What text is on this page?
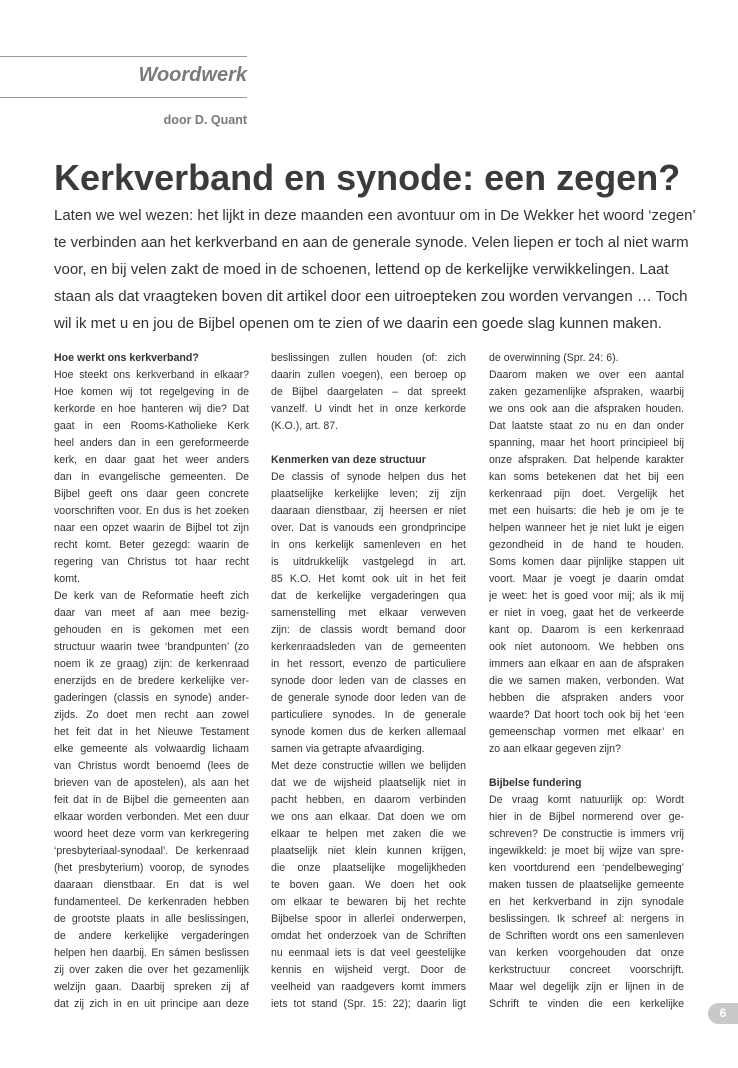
Woordwerk
door D. Quant
Kerkverband en synode: een zegen?

Laten we wel wezen: het lijkt in deze maanden een avontuur om in De Wekker het woord ‘zegen’
te verbinden aan het kerkverband en aan de generale synode. Velen liepen er toch al niet warm
voor, en bij velen zakt de moed in de schoenen, lettend op de kerkelijke verwikkelingen. Laat
staan als dat vraagteken boven dit artikel door een uitroepteken zou worden vervangen … Toch
wil ik met u en jou de Bijbel openen om te zien of we daarin een goede slag kunnen maken.

Hoe werkt ons kerkverband?
Hoe steekt ons kerkverband in elkaar?
Hoe komen wij tot regelgeving in de
kerkorde en hoe hanteren wij die? Dat
gaat in een Rooms-Katholieke Kerk
heel anders dan in een gereformeerde
kerk, en daar gaat het weer anders
dan in evangelische gemeenten. De
Bijbel geeft ons daar geen concrete
voorschriften voor. En dus is het zoeken
naar een opzet waarin de Bijbel tot zijn
recht komt. Beter gezegd: waarin de
regering van Christus tot haar recht
komt.
De kerk van de Reformatie heeft zich
daar van meet af aan mee bezig-
gehouden en is gekomen met een
structuur waarin twee ‘brandpunten’ (zo
noem ik ze graag) zijn: de kerkenraad
enerzijds en de bredere kerkelijke ver-
gaderingen (classis en synode) ander-
zijds. Zo doet men recht aan zowel
het feit dat in het Nieuwe Testament
elke gemeente als volwaardig lichaam
van Christus wordt benoemd (lees de
brieven van de apostelen), als aan het
feit dat in de Bijbel die gemeenten aan
elkaar worden verbonden. Met een duur
woord heet deze vorm van kerkregering
‘presbyteriaal-synodaal’. De kerkenraad
(het presbyterium) voorop, de synodes
daaraan dienstbaar. En dat is wel
fundamenteel. De kerkenraden hebben
de grootste plaats in alle beslissingen,
de andere kerkelijke vergaderingen
helpen hen daarbij. En sámen beslissen
zij over zaken die over het gezamenlijk
welzijn gaan. Daarbij spreken zij af
dat zij zich in en uit principe aan deze
beslissingen zullen houden (of: zich
daarin zullen voegen), een beroep op
de Bijbel daargelaten – dat spreekt
vanzelf. U vindt het in onze kerkorde
(K.O.), art. 87.
Kenmerken van deze structuur
De classis of synode helpen dus het
plaatselijke kerkelijke leven; zij zijn
daaraan dienstbaar, zij heersen er niet
over. Dat is vanouds een grondprincipe
in ons kerkelijk samenleven en het
is uitdrukkelijk vastgelegd in art.
85 K.O. Het komt ook uit in het feit
dat de kerkelijke vergaderingen qua
samenstelling met elkaar verweven
zijn: de classis wordt bemand door
kerkenraadsleden van de gemeenten
in het ressort, evenzo de particuliere
synode door leden van de classes en
de generale synode door leden van de
particuliere synodes. In de generale
synode komen dus de kerken allemaal
samen via getrapte afvaardiging.
Met deze constructie willen we belijden
dat we de wijsheid plaatselijk niet in
pacht hebben, en daarom verbinden
we ons aan elkaar. Dat doen we om
elkaar te helpen met zaken die we
plaatselijk niet klein kunnen krijgen,
die onze plaatselijke mogelijkheden
te boven gaan. We doen het ook
om elkaar te bewaren bij het rechte
Bijbelse spoor in allerlei onderwerpen,
omdat het onderzoek van de Schriften
nu eenmaal iets is dat veel geestelijke
kennis en wijsheid vergt. Door de
veelheid van raadgevers komt immers
iets tot stand (Spr. 15: 22); daarin ligt
de overwinning (Spr. 24: 6).
Daarom maken we over een aantal
zaken gezamenlijke afspraken, waarbij
we ons ook aan die afspraken houden.
Dat laatste staat zo nu en dan onder
spanning, maar het hoort principieel bij
onze afspraken. Dat helpende karakter
kan soms betekenen dat het bij een
kerkenraad pijn doet. Vergelijk het
met een huisarts: die heb je om je te
helpen wanneer het je niet lukt je eigen
gezondheid in de hand te houden.
Soms komen daar pijnlijke stappen uit
voort. Maar je voegt je daarin omdat
je weet: het is goed voor mij; als ik mij
er niet in voeg, gaat het de verkeerde
kant op. Daarom is een kerkenraad
ook niet autonoom. We hebben ons
immers aan elkaar en aan de afspraken
die we samen maken, verbonden. Wat
hebben die afspraken anders voor
waarde? Dat hoort toch ook bij het ‘een
gemeenschap vormen met elkaar’ en
zo aan elkaar gegeven zijn?
Bijbelse fundering
De vraag komt natuurlijk op: Wordt
hier in de Bijbel normerend over ge-
schreven? De constructie is immers vrij
ingewikkeld: je moet bij wijze van spre-
ken voortdurend een ‘pendelbeweging’
maken tussen de plaatselijke gemeente
en het kerkverband in zijn synodale
beslissingen. Ik schreef al: nergens in
de Schriften wordt ons een samenleven
van kerken voorgehouden dat onze
kerkstructuur concreet voorschrijft.
Maar wel degelijk zijn er lijnen in de
Schrift te vinden die een kerkelijke
6
